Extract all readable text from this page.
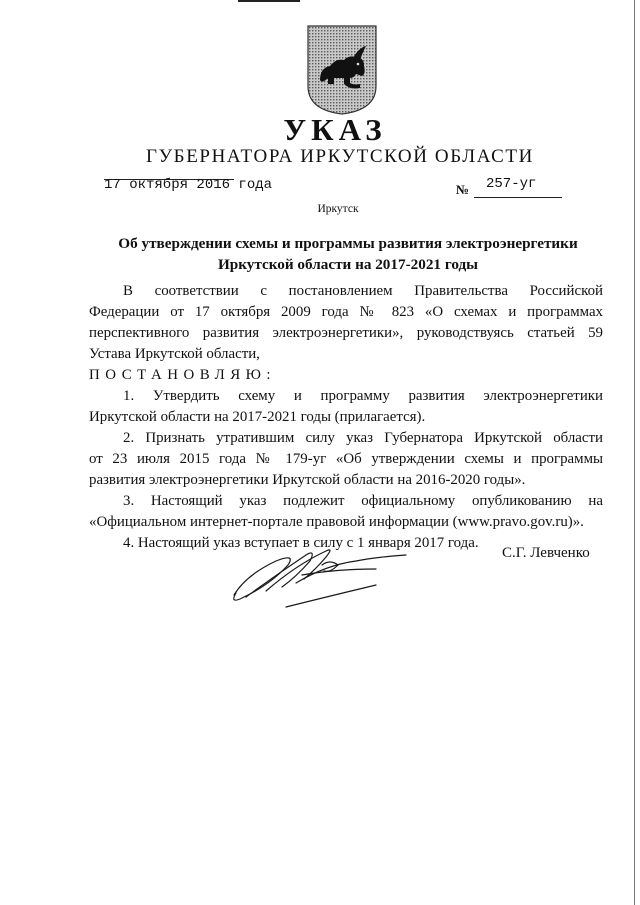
УКАЗ
ГУБЕРНАТОРА ИРКУТСКОЙ ОБЛАСТИ
17 октября 2016 года	№ 257-уг
Иркутск
Об утверждении схемы и программы развития электроэнергетики
Иркутской области на 2017-2021 годы

В соответствии с постановлением Правительства Российской

Федерации от 17 октября 2009 года № 823 «О схемах и программах

перспективного развития электроэнергетики», руководствуясь статьей 59

Устава Иркутской области,

ПОСТАНОВЛЯЮ:

1. Утвердить схему и программу развития электроэнергетики

Иркутской области на 2017-2021 годы (прилагается).

2. Признать утратившим силу указ Губернатора Иркутской области

от 23 июля 2015 года № 179-уг «Об утверждении схемы и программы

развития электроэнергетики Иркутской области на 2016-2020 годы».

3. Настоящий указ подлежит официальному опубликованию на

«Официальном интернет-портале правовой информации (www.pravo.gov.ru)».

4. Настоящий указ вступает в силу с 1 января 2017 года.

С.Г. Левченко
